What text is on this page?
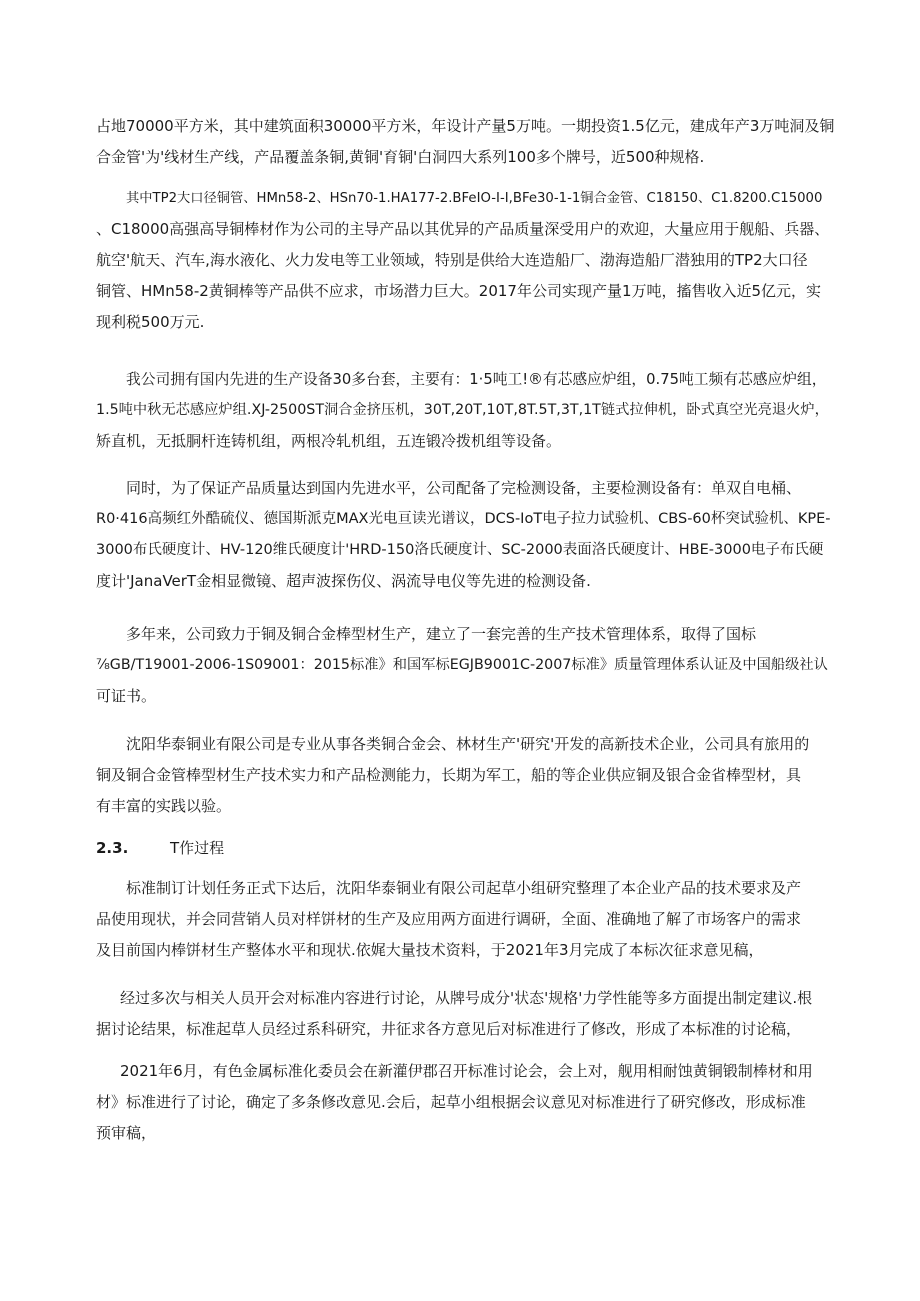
占地70000平方米，其中建筑面积30000平方米，年设计产量5万吨。一期投资1.5亿元，建成年产3万吨洞及铜
合金管'为'线材生产线，产品覆盖条铜,黄铜'育铜'白洞四大系列100多个牌号，近500种规格.

其中TP2大口径铜管、HMn58-2、HSn70-1.HA177-2.BFeIO-I-I,BFe30-1-1铜合金管、C18150、C1.8200.C15000
、C18000高强高导铜棒材作为公司的主导产品以其优异的产品质量深受用户的欢迎，大量应用于舰船、兵器、
航空'航天、汽车,海水液化、火力发电等工业领域，特别是供给大连造船厂、渤海造船厂潜独用的TP2大口径
铜管、HMn58-2黄铜棒等产品供不应求，市场潜力巨大。2017年公司实现产量1万吨，搐售收入近5亿元，实
现利税500万元.

我公司拥有国内先进的生产设备30多台套，主要有：1·5吨工!®有芯感应炉组，0.75吨工频有芯感应炉组，
1.5吨中秋无芯感应炉组.XJ-2500ST洞合金挤压机，30T,20T,10T,8T.5T,3T,1T链式拉伸机，卧式真空光亮退火炉，
矫直机，无抵胴杆连铸机组，两根冷轧机组，五连锻冷拨机组等设备。

同时，为了保证产品质量达到国内先进水平，公司配备了完检测设备，主要检测设备有：单双自电桶、
R0·416高频红外酷硫仪、德国斯派克MAX光电亘读光谱议，DCS-IoT电子拉力试验机、CBS-60杯突试验机、KPE-
3000布氏硬度计、HV-120维氏硬度计'HRD-150洛氏硬度计、SC-2000表面洛氏硬度计、HBE-3000电子布氏硬
度计'JanaVerT金相显微镜、超声波探伤仪、涡流导电仪等先进的检测设备.

多年来，公司致力于铜及铜合金棒型材生产，建立了一套完善的生产技术管理体系，取得了国标
⅞GB/T19001-2006-1S09001：2015标准》和国军标EGJB9001C-2007标准》质量管理体系认证及中国船级社认
可证书。

沈阳华泰铜业有限公司是专业从事各类铜合金会、林材生产'研究'开发的高新技术企业，公司具有旅用的
铜及铜合金管棒型材生产技术实力和产品检测能力，长期为军工，船的等企业供应铜及银合金省棒型材，具
有丰富的实践以验。

2.3.	T作过程

标准制订计划任务正式下达后，沈阳华泰铜业有限公司起草小组研究整理了本企业产品的技术要求及产
品使用现状，并会同营销人员对样饼材的生产及应用两方面进行调研，全面、准确地了解了市场客户的需求
及目前国内棒饼材生产整体水平和现状.依娓大量技术资料，于2021年3月完成了本标次征求意见稿，

经过多次与相关人员开会对标准内容进行讨论，从牌号成分'状态'规格'力学性能等多方面提出制定建议.根
据讨论结果，标准起草人员经过系科研究，井征求各方意见后对标准进行了修改，形成了本标准的讨论稿，

2021年6月，有色金属标准化委员会在新灌伊郡召开标准讨论会，会上对，舰用相耐蚀黄铜锻制棒材和用
材》标准进行了讨论，确定了多条修改意见.会后，起草小组根据会议意见对标准进行了研究修改，形成标准
预审稿，
